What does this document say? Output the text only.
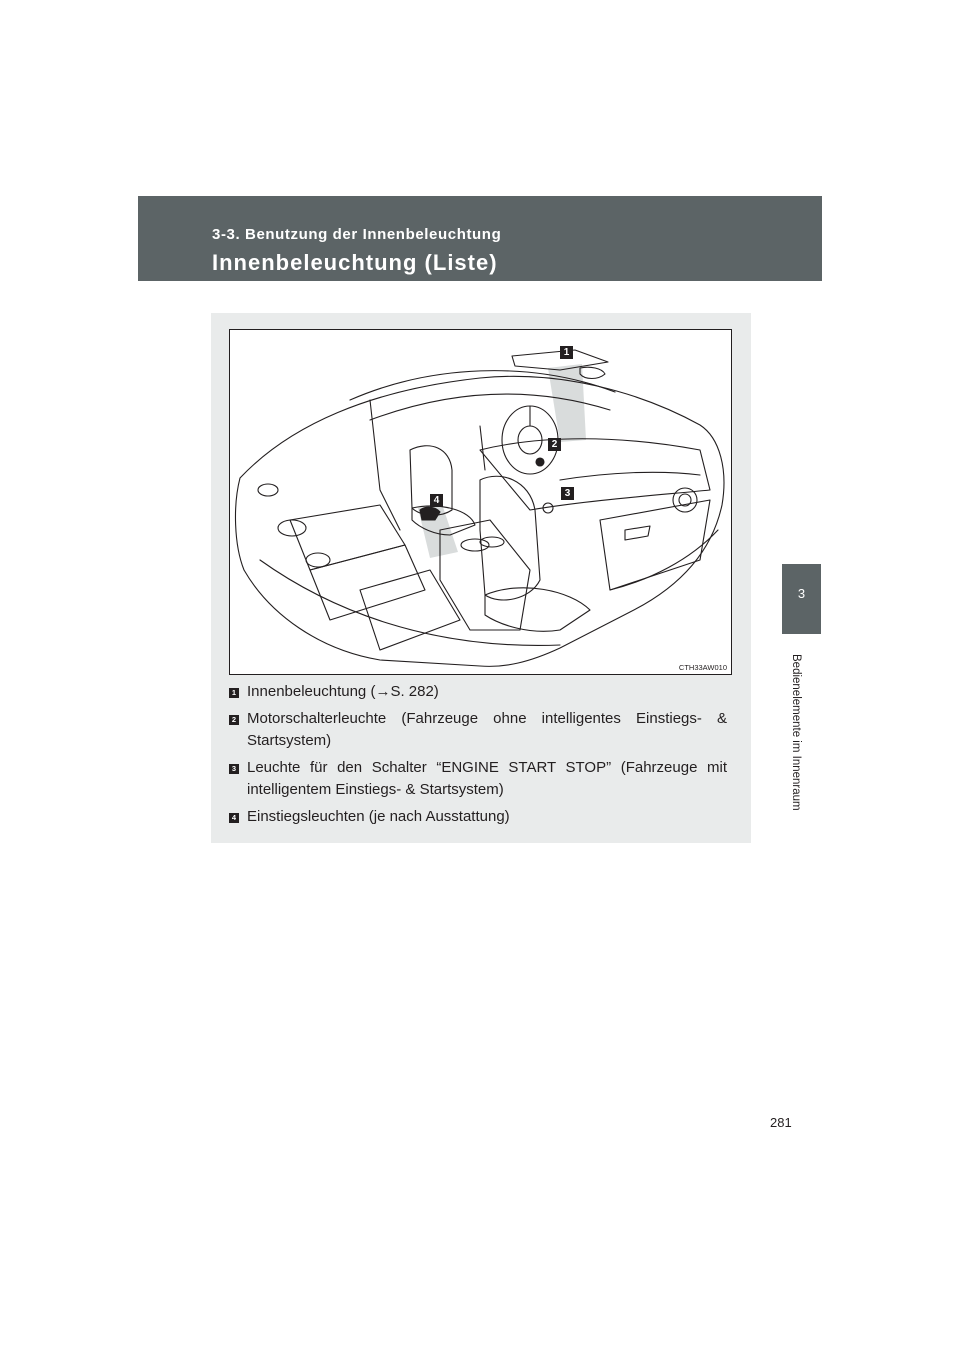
3-3. Benutzung der Innenbeleuchtung
Innenbeleuchtung (Liste)
3
Bedienelemente im Innenraum
1
2
3
4
CTH33AW010
1 Innenbeleuchtung (→S. 282)
2 Motorschalterleuchte (Fahrzeuge ohne intelligentes Einstiegs- & Startsystem)
3 Leuchte für den Schalter “ENGINE START STOP” (Fahrzeuge mit intelligentem Einstiegs- & Startsystem)
4 Einstiegsleuchten (je nach Ausstattung)
281
